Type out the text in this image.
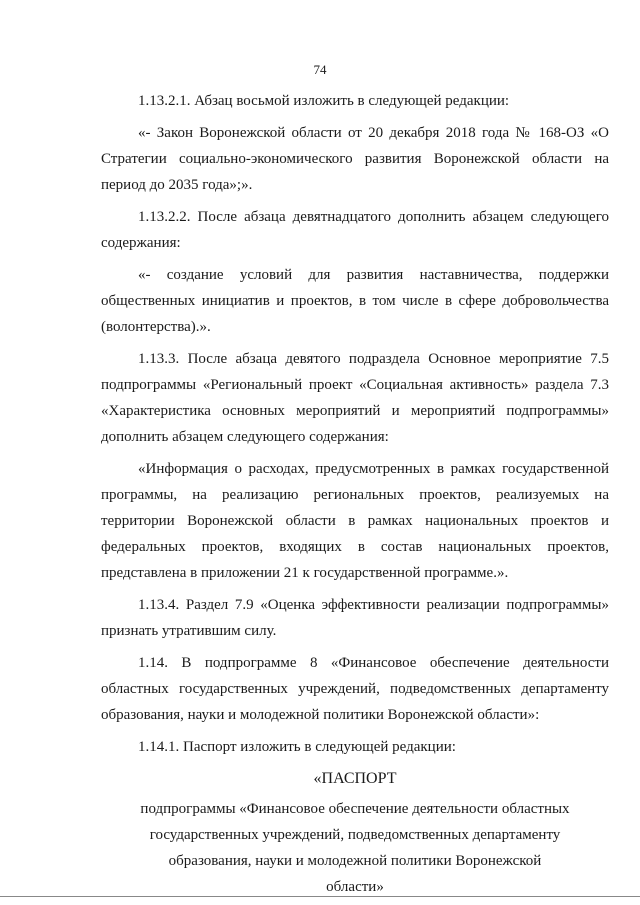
74

1.13.2.1. Абзац восьмой изложить в следующей редакции:

«- Закон Воронежской области от 20 декабря 2018 года № 168-ОЗ «О Стратегии социально-экономического развития Воронежской области на период до 2035 года»;».

1.13.2.2. После абзаца девятнадцатого дополнить абзацем следующего содержания:

«- создание условий для развития наставничества, поддержки общественных инициатив и проектов, в том числе в сфере добровольчества (волонтерства).».

1.13.3. После абзаца девятого подраздела Основное мероприятие 7.5 подпрограммы «Региональный проект «Социальная активность» раздела 7.3 «Характеристика основных мероприятий и мероприятий подпрограммы» дополнить абзацем следующего содержания:

«Информация о расходах, предусмотренных в рамках государственной программы, на реализацию региональных проектов, реализуемых на территории Воронежской области в рамках национальных проектов и федеральных проектов, входящих в состав национальных проектов, представлена в приложении 21 к государственной программе.».

1.13.4. Раздел 7.9 «Оценка эффективности реализации подпрограммы» признать утратившим силу.

1.14. В подпрограмме 8 «Финансовое обеспечение деятельности областных государственных учреждений, подведомственных департаменту образования, науки и молодежной политики Воронежской области»:

1.14.1. Паспорт изложить в следующей редакции:

«ПАСПОРТ

подпрограммы «Финансовое обеспечение деятельности областных

государственных учреждений, подведомственных департаменту

образования, науки и молодежной политики Воронежской

области»
